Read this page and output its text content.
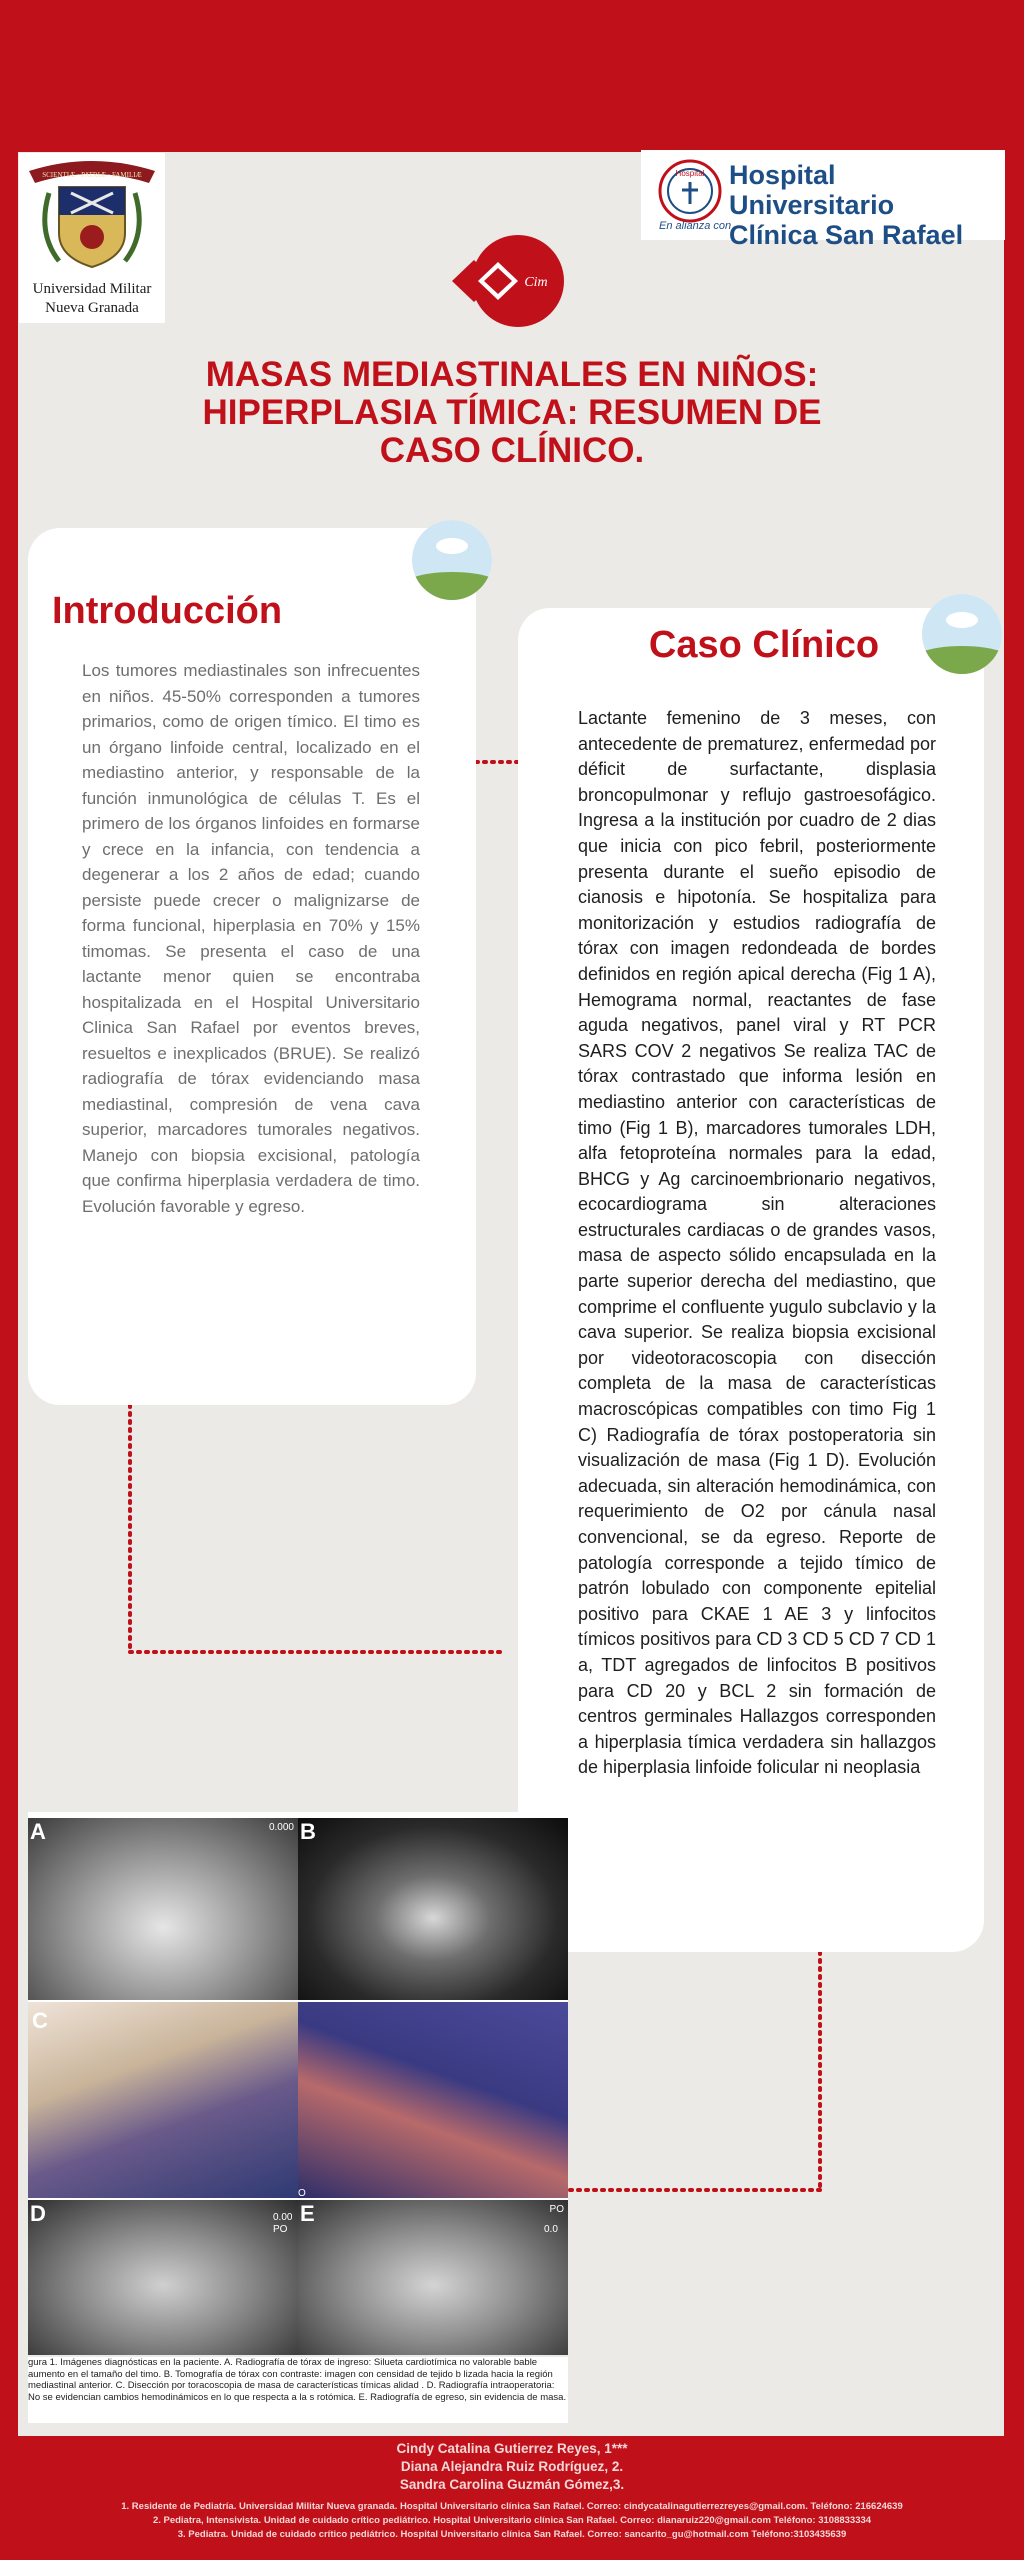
SCIENTIÆ · PATRIÆ · FAMILIÆ
Universidad Militar
Nueva Granada
Hospital Hospital Universitario
Clínica San Rafael
En alianza con
Cim
MASAS MEDIASTINALES EN NIÑOS:
HIPERPLASIA TÍMICA: RESUMEN DE
CASO CLÍNICO.
Introducción
Los tumores mediastinales son infrecuentes en niños. 45-50% corresponden a tumores primarios, como de origen tímico. El timo es un órgano linfoide central, localizado en el mediastino anterior, y responsable de la función inmunológica de células T. Es el primero de los órganos linfoides en formarse y crece en la infancia, con tendencia a degenerar a los 2 años de edad; cuando persiste puede crecer o malignizarse de forma funcional, hiperplasia en 70% y 15% timomas. Se presenta el caso de una lactante menor quien se encontraba hospitalizada en el Hospital Universitario Clinica San Rafael por eventos breves, resueltos e inexplicados (BRUE). Se realizó radiografía de tórax evidenciando masa mediastinal, compresión de vena cava superior, marcadores tumorales negativos. Manejo con biopsia excisional, patología que confirma hiperplasia verdadera de timo. Evolución favorable y egreso.
Caso Clínico
Lactante femenino de 3 meses, con antecedente de prematurez, enfermedad por déficit de surfactante, displasia broncopulmonar y reflujo gastroesofágico. Ingresa a la institución por cuadro de 2 dias que inicia con pico febril, posteriormente presenta durante el sueño episodio de cianosis e hipotonía. Se hospitaliza para monitorización y estudios radiografía de tórax con imagen redondeada de bordes definidos en región apical derecha (Fig 1 A), Hemograma normal, reactantes de fase aguda negativos, panel viral y RT PCR SARS COV 2 negativos Se realiza TAC de tórax contrastado que informa lesión en mediastino anterior con características de timo (Fig 1 B), marcadores tumorales LDH, alfa fetoproteína normales para la edad, BHCG y Ag carcinoembrionario negativos, ecocardiograma sin alteraciones estructurales cardiacas o de grandes vasos, masa de aspecto sólido encapsulada en la parte superior derecha del mediastino, que comprime el confluente yugulo subclavio y la cava superior. Se realiza biopsia excisional por videotoracoscopia con disección completa de la masa de características macroscópicas compatibles con timo Fig 1 C) Radiografía de tórax postoperatoria sin visualización de masa (Fig 1 D). Evolución adecuada, sin alteración hemodinámica, con requerimiento de O2 por cánula nasal convencional, se da egreso. Reporte de patología corresponde a tejido tímico de patrón lobulado con componente epitelial positivo para CKAE 1 AE 3 y linfocitos tímicos positivos para CD 3 CD 5 CD 7 CD 1 a, TDT agregados de linfocitos B positivos para CD 20 y BCL 2 sin formación de centros germinales Hallazgos corresponden a hiperplasia tímica verdadera sin hallazgos de hiperplasia linfoide folicular ni neoplasia
A	0.000 B
D	E	PO
O
0.00
PO	0.0
C
gura 1. Imágenes diagnósticas en la paciente. A. Radiografía de tórax de ingreso: Silueta cardiotímica no valorable bable aumento en el tamaño del timo. B. Tomografía de tórax con contraste: imagen con censidad de tejido b lizada hacia la región mediastinal anterior. C. Disección por toracoscopia de masa de características tímicas alidad . D. Radiografía intraoperatoria: No se evidencian cambios hemodinámicos en lo que respecta a la s rotómica. E. Radiografía de egreso, sin evidencia de masa.
Cindy Catalina Gutierrez Reyes, 1***
Diana Alejandra Ruiz Rodríguez, 2.
Sandra Carolina Guzmán Gómez,3.
1. Residente de Pediatría. Universidad Militar Nueva granada. Hospital Universitario clínica San Rafael. Correo: cindycatalinagutierrezreyes@gmail.com. Teléfono: 216624639
2. Pediatra, Intensivista. Unidad de cuidado crítico pediátrico. Hospital Universitario clínica San Rafael. Correo: dianaruiz220@gmail.com Teléfono: 3108833334
3. Pediatra. Unidad de cuidado crítico pediátrico. Hospital Universitario clínica San Rafael. Correo: sancarito_gu@hotmail.com Teléfono:3103435639
